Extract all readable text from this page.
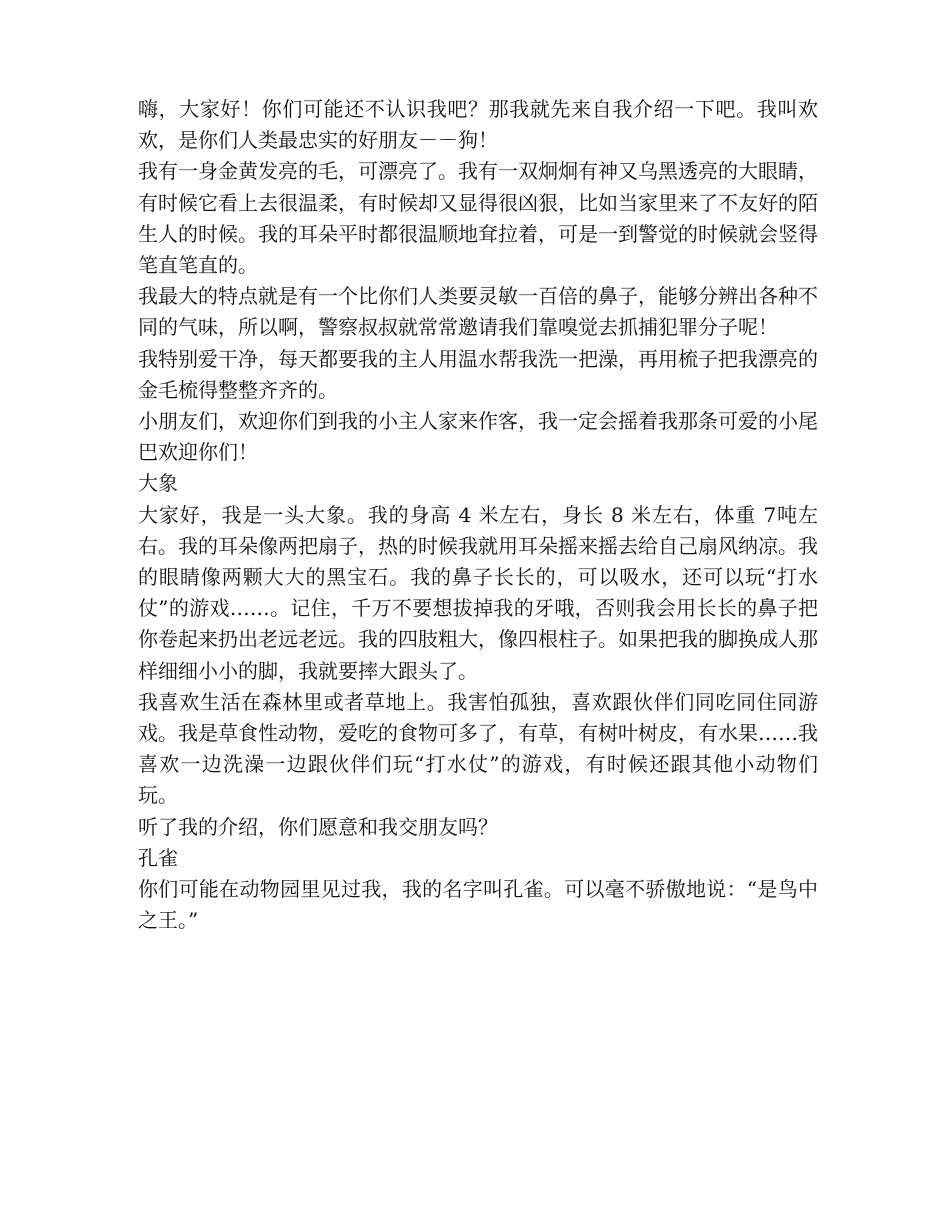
嗨，大家好！你们可能还不认识我吧？那我就先来自我介绍一下吧。我叫欢欢，是你们人类最忠实的好朋友－－狗！

我有一身金黄发亮的毛，可漂亮了。我有一双炯炯有神又乌黑透亮的大眼睛，有时候它看上去很温柔，有时候却又显得很凶狠，比如当家里来了不友好的陌生人的时候。我的耳朵平时都很温顺地耷拉着，可是一到警觉的时候就会竖得笔直笔直的。

我最大的特点就是有一个比你们人类要灵敏一百倍的鼻子，能够分辨出各种不同的气味，所以啊，警察叔叔就常常邀请我们靠嗅觉去抓捕犯罪分子呢！

我特别爱干净，每天都要我的主人用温水帮我洗一把澡，再用梳子把我漂亮的金毛梳得整整齐齐的。

小朋友们，欢迎你们到我的小主人家来作客，我一定会摇着我那条可爱的小尾巴欢迎你们！

大象

大家好，我是一头大象。我的身高 4 米左右，身长 8 米左右，体重 7吨左右。我的耳朵像两把扇子，热的时候我就用耳朵摇来摇去给自己扇风纳凉。我的眼睛像两颗大大的黑宝石。我的鼻子长长的，可以吸水，还可以玩“打水仗”的游戏……。记住，千万不要想拔掉我的牙哦，否则我会用长长的鼻子把你卷起来扔出老远老远。我的四肢粗大，像四根柱子。如果把我的脚换成人那样细细小小的脚，我就要摔大跟头了。

我喜欢生活在森林里或者草地上。我害怕孤独，喜欢跟伙伴们同吃同住同游戏。我是草食性动物，爱吃的食物可多了，有草，有树叶树皮，有水果……我喜欢一边洗澡一边跟伙伴们玩“打水仗”的游戏，有时候还跟其他小动物们玩。

听了我的介绍，你们愿意和我交朋友吗？

孔雀

你们可能在动物园里见过我，我的名字叫孔雀。可以毫不骄傲地说：“是鸟中之王。”
